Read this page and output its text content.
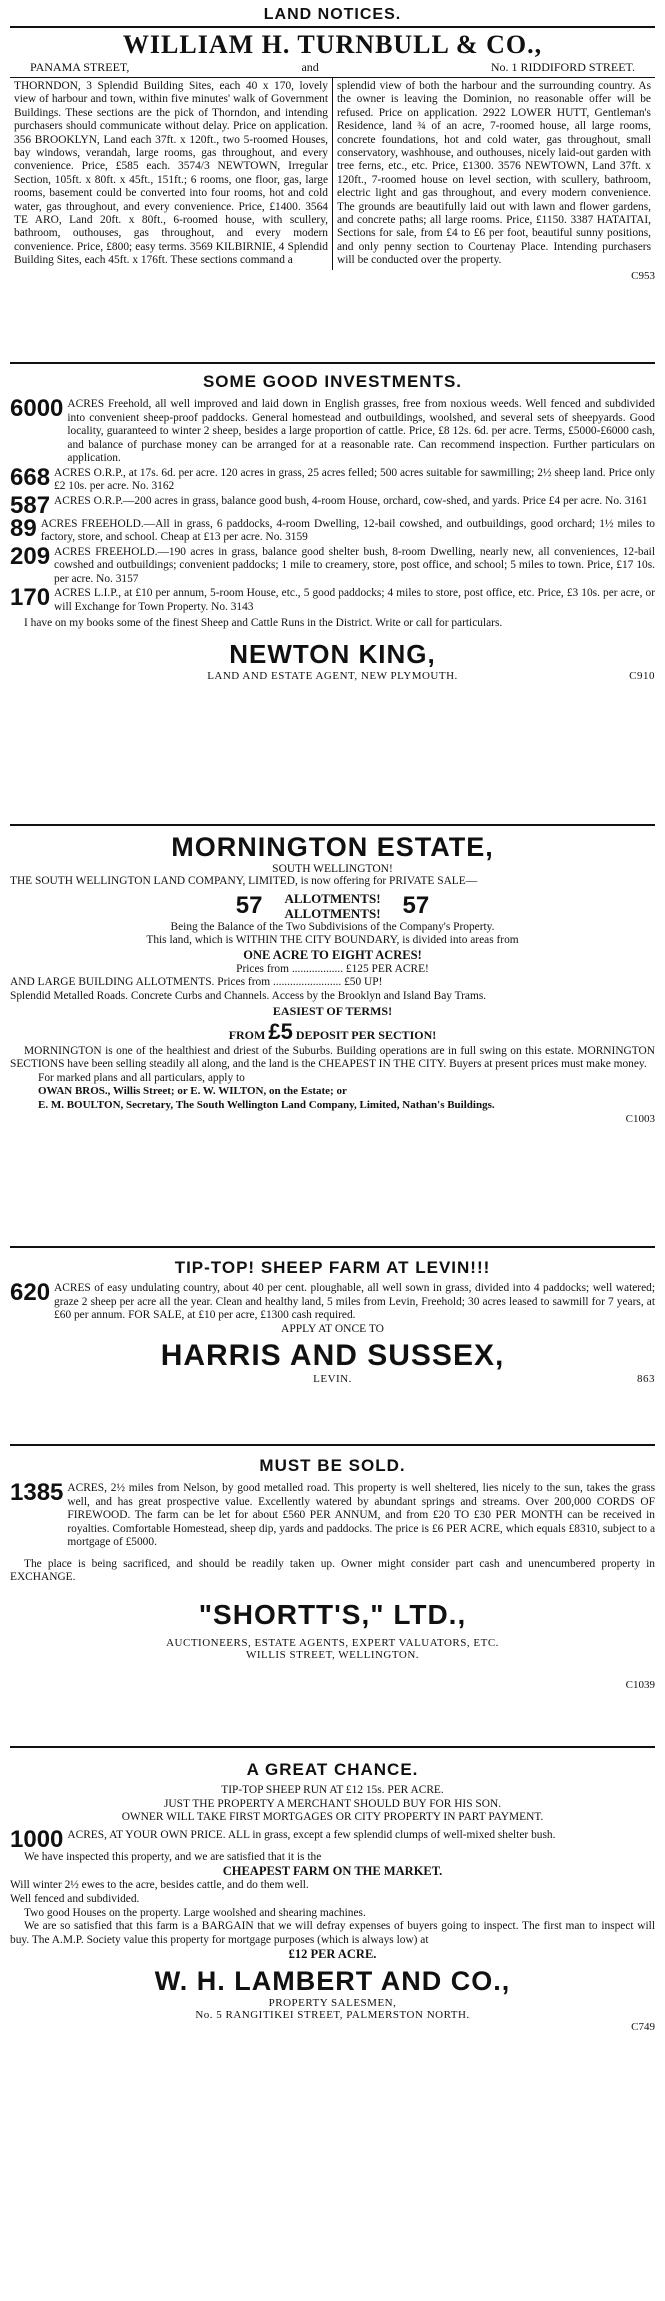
LAND NOTICES.
WILLIAM H. TURNBULL & CO.,
PANAMA STREET,	and	No. 1 RIDDIFORD STREET.
THORNDON, 3 Splendid Building Sites, each 40 x 170, lovely view of harbour and town, within five minutes' walk of Government Buildings. These sections are the pick of Thorndon, and intending purchasers should communicate without delay. Price on application. 356 BROOKLYN, Land each 37ft. x 120ft., two 5-roomed Houses, bay windows, verandah, large rooms, gas throughout, and every convenience. Price, £585 each. 3574/3 NEWTOWN, Irregular Section, 105ft. x 80ft. x 45ft., 151ft.; 6 rooms, one floor, gas, large rooms, basement could be converted into four rooms, hot and cold water, gas throughout, and every convenience. Price, £1400. 3564 TE ARO, Land 20ft. x 80ft., 6-roomed house, with scullery, bathroom, outhouses, gas throughout, and every modern convenience. Price, £800; easy terms. 3569 KILBIRNIE, 4 Splendid Building Sites, each 45ft. x 176ft. These sections command a
splendid view of both the harbour and the surrounding country. As the owner is leaving the Dominion, no reasonable offer will be refused. Price on application. 2922 LOWER HUTT, Gentleman's Residence, land ¾ of an acre, 7-roomed house, all large rooms, concrete foundations, hot and cold water, gas throughout, small conservatory, washhouse, and outhouses, nicely laid-out garden with tree ferns, etc., etc. Price, £1300. 3576 NEWTOWN, Land 37ft. x 120ft., 7-roomed house on level section, with scullery, bathroom, electric light and gas throughout, and every modern convenience. The grounds are beautifully laid out with lawn and flower gardens, and concrete paths; all large rooms. Price, £1150. 3387 HATAITAI, Sections for sale, from £4 to £6 per foot, beautiful sunny positions, and only penny section to Courtenay Place. Intending purchasers will be conducted over the property.
C953
SOME GOOD INVESTMENTS.
6000 ACRES Freehold, all well improved and laid down in English grasses, free from noxious weeds. Well fenced and subdivided into convenient sheep-proof paddocks. General homestead and outbuildings, woolshed, and several sets of sheepyards. Good locality, guaranteed to winter 2 sheep, besides a large proportion of cattle. Price, £8 12s. 6d. per acre. Terms, £5000-£6000 cash, and balance of purchase money can be arranged for at a reasonable rate. Can recommend inspection. Further particulars on application.
668 ACRES O.R.P., at 17s. 6d. per acre. 120 acres in grass, 25 acres felled; 500 acres suitable for sawmilling; 2½ sheep land. Price only £2 10s. per acre. No. 3162
587 ACRES O.R.P.—200 acres in grass, balance good bush, 4-room House, orchard, cow-shed, and yards. Price £4 per acre. No. 3161
89 ACRES FREEHOLD.—All in grass, 6 paddocks, 4-room Dwelling, 12-bail cowshed, and outbuildings, good orchard; 1½ miles to factory, store, and school. Cheap at £13 per acre. No. 3159
209 ACRES FREEHOLD.—190 acres in grass, balance good shelter bush, 8-room Dwelling, nearly new, all conveniences, 12-bail cowshed and outbuildings; convenient paddocks; 1 mile to creamery, store, post office, and school; 5 miles to town. Price, £17 10s. per acre. No. 3157
170 ACRES L.I.P., at £10 per annum, 5-room House, etc., 5 good paddocks; 4 miles to store, post office, etc. Price, £3 10s. per acre, or will Exchange for Town Property. No. 3143

I have on my books some of the finest Sheep and Cattle Runs in the District. Write or call for particulars.

NEWTON KING,
LAND AND ESTATE AGENT, NEW PLYMOUTH.	C910
MORNINGTON ESTATE,
SOUTH WELLINGTON!

THE SOUTH WELLINGTON LAND COMPANY, LIMITED, is now offering for PRIVATE SALE—

57 ALLOTMENTS!
ALLOTMENTS! 57
Being the Balance of the Two Subdivisions of the Company's Property.
This land, which is WITHIN THE CITY BOUNDARY, is divided into areas from
ONE ACRE TO EIGHT ACRES!
Prices from .................. £125 PER ACRE!
AND LARGE BUILDING ALLOTMENTS. Prices from ........................ £50 UP!
Splendid Metalled Roads. Concrete Curbs and Channels. Access by the Brooklyn and Island Bay Trams.
EASIEST OF TERMS!
FROM £5 DEPOSIT PER SECTION!

MORNINGTON is one of the healthiest and driest of the Suburbs. Building operations are in full swing on this estate. MORNINGTON SECTIONS have been selling steadily all along, and the land is the CHEAPEST IN THE CITY. Buyers at present prices must make money.

For marked plans and all particulars, apply to
OWAN BROS., Willis Street; or E. W. WILTON, on the Estate; or
E. M. BOULTON, Secretary, The South Wellington Land Company, Limited, Nathan's Buildings.
C1003
TIP-TOP! SHEEP FARM AT LEVIN!!!
620 ACRES of easy undulating country, about 40 per cent. ploughable, all well sown in grass, divided into 4 paddocks; well watered; graze 2 sheep per acre all the year. Clean and healthy land, 5 miles from Levin, Freehold; 30 acres leased to sawmill for 7 years, at £60 per annum. FOR SALE, at £10 per acre, £1300 cash required.
APPLY AT ONCE TO
HARRIS AND SUSSEX,
LEVIN.	863
MUST BE SOLD.
1385 ACRES, 2½ miles from Nelson, by good metalled road. This property is well sheltered, lies nicely to the sun, takes the grass well, and has great prospective value. Excellently watered by abundant springs and streams. Over 200,000 CORDS OF FIREWOOD. The farm can be let for about £560 PER ANNUM, and from £20 TO £30 PER MONTH can be received in royalties. Comfortable Homestead, sheep dip, yards and paddocks. The price is £6 PER ACRE, which equals £8310, subject to a mortgage of £5000.

The place is being sacrificed, and should be readily taken up. Owner might consider part cash and unencumbered property in EXCHANGE.

"SHORTT'S," LTD.,
AUCTIONEERS, ESTATE AGENTS, EXPERT VALUATORS, ETC.
WILLIS STREET, WELLINGTON.
C1039
A GREAT CHANCE.
TIP-TOP SHEEP RUN AT £12 15s. PER ACRE.
JUST THE PROPERTY A MERCHANT SHOULD BUY FOR HIS SON.
OWNER WILL TAKE FIRST MORTGAGES OR CITY PROPERTY IN PART PAYMENT.
1000 ACRES, AT YOUR OWN PRICE. ALL in grass, except a few splendid clumps of well-mixed shelter bush.
We have inspected this property, and we are satisfied that it is the
CHEAPEST FARM ON THE MARKET.
Will winter 2½ ewes to the acre, besides cattle, and do them well.
Well fenced and subdivided.
Two good Houses on the property. Large woolshed and shearing machines.

We are so satisfied that this farm is a BARGAIN that we will defray expenses of buyers going to inspect. The first man to inspect will buy. The A.M.P. Society value this property for mortgage purposes (which is always low) at

£12 PER ACRE.
W. H. LAMBERT AND CO.,
PROPERTY SALESMEN,
No. 5 RANGITIKEI STREET, PALMERSTON NORTH.
C749
